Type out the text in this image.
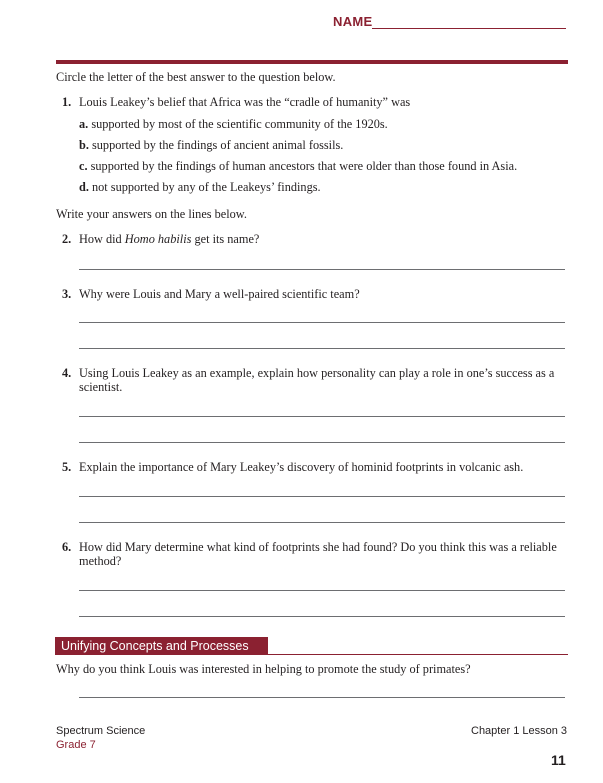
NAME
Circle the letter of the best answer to the question below.
1. Louis Leakey’s belief that Africa was the “cradle of humanity” was
a. supported by most of the scientific community of the 1920s.
b. supported by the findings of ancient animal fossils.
c. supported by the findings of human ancestors that were older than those found in Asia.
d. not supported by any of the Leakeys’ findings.
Write your answers on the lines below.
2. How did Homo habilis get its name?
3. Why were Louis and Mary a well-paired scientific team?
4. Using Louis Leakey as an example, explain how personality can play a role in one’s success as a scientist.
5. Explain the importance of Mary Leakey’s discovery of hominid footprints in volcanic ash.
6. How did Mary determine what kind of footprints she had found? Do you think this was a reliable method?
Unifying Concepts and Processes
Why do you think Louis was interested in helping to promote the study of primates?
Spectrum Science
Grade 7
Chapter 1 Lesson 3
11
